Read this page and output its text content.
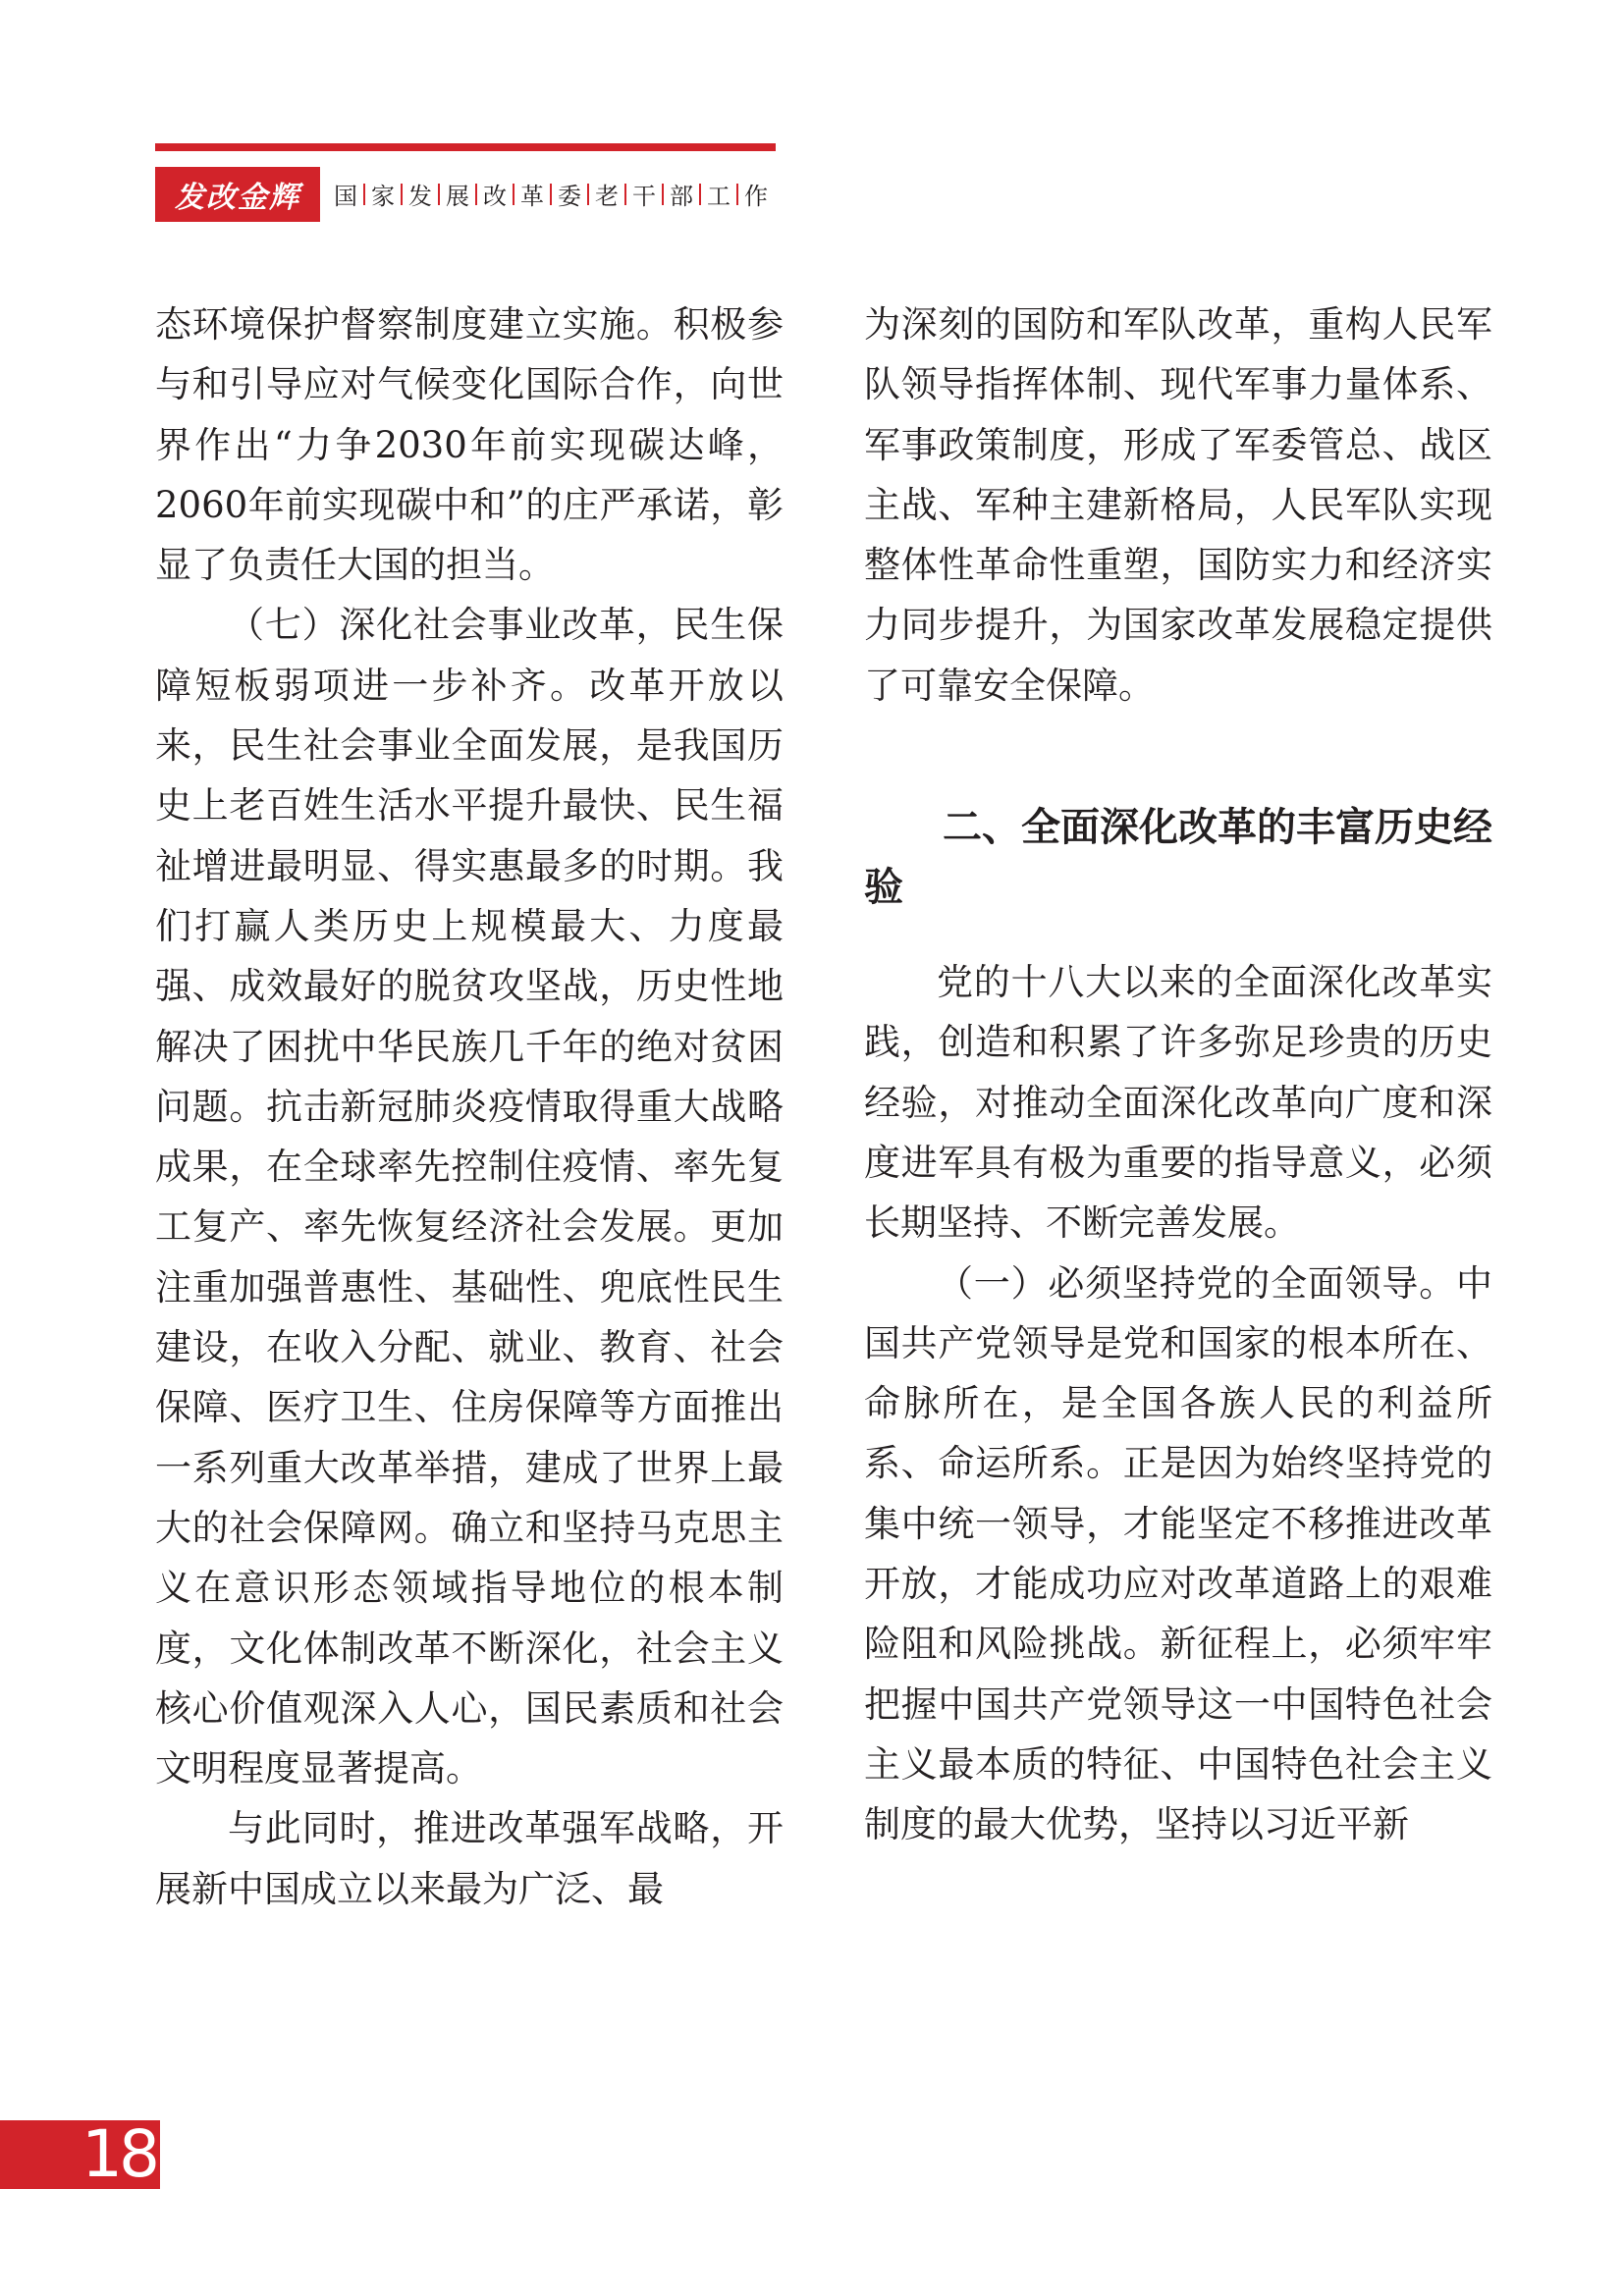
发改金辉	国 家 发 展 改 革 委 老 干 部 工 作

态环境保护督察制度建立实施。积极参与和引导应对气候变化国际合作，向世界作出“力争2030年前实现碳达峰，2060年前实现碳中和”的庄严承诺，彰显了负责任大国的担当。

（七）深化社会事业改革，民生保障短板弱项进一步补齐。改革开放以来，民生社会事业全面发展，是我国历史上老百姓生活水平提升最快、民生福祉增进最明显、得实惠最多的时期。我们打赢人类历史上规模最大、力度最强、成效最好的脱贫攻坚战，历史性地解决了困扰中华民族几千年的绝对贫困问题。抗击新冠肺炎疫情取得重大战略成果，在全球率先控制住疫情、率先复工复产、率先恢复经济社会发展。更加注重加强普惠性、基础性、兜底性民生建设，在收入分配、就业、教育、社会保障、医疗卫生、住房保障等方面推出一系列重大改革举措，建成了世界上最大的社会保障网。确立和坚持马克思主义在意识形态领域指导地位的根本制度，文化体制改革不断深化，社会主义核心价值观深入人心，国民素质和社会文明程度显著提高。

与此同时，推进改革强军战略，开展新中国成立以来最为广泛、最

为深刻的国防和军队改革，重构人民军队领导指挥体制、现代军事力量体系、军事政策制度，形成了军委管总、战区主战、军种主建新格局，人民军队实现整体性革命性重塑，国防实力和经济实力同步提升，为国家改革发展稳定提供了可靠安全保障。

二、全面深化改革的丰富历史经验

党的十八大以来的全面深化改革实践，创造和积累了许多弥足珍贵的历史经验，对推动全面深化改革向广度和深度进军具有极为重要的指导意义，必须长期坚持、不断完善发展。

（一）必须坚持党的全面领导。中国共产党领导是党和国家的根本所在、命脉所在，是全国各族人民的利益所系、命运所系。正是因为始终坚持党的集中统一领导，才能坚定不移推进改革开放，才能成功应对改革道路上的艰难险阻和风险挑战。新征程上，必须牢牢把握中国共产党领导这一中国特色社会主义最本质的特征、中国特色社会主义制度的最大优势，坚持以习近平新

18
